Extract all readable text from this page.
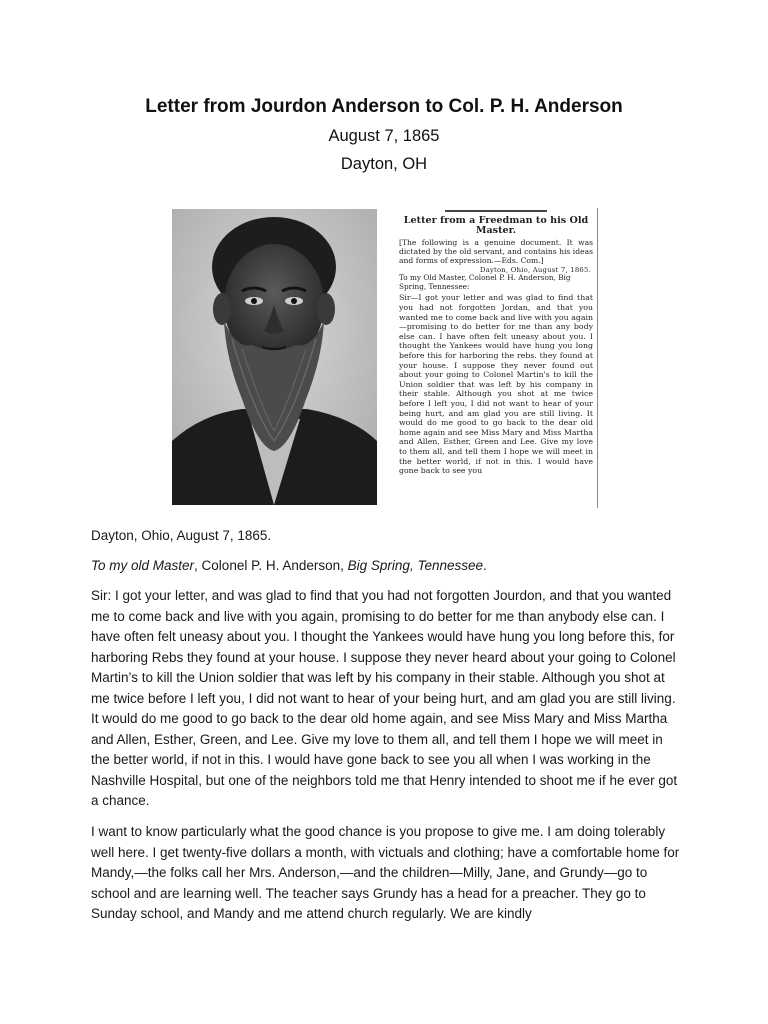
Letter from Jourdon Anderson to Col. P. H. Anderson
August 7, 1865
Dayton, OH
Letter from a Freedman to his Old Master.
[The following is a genuine document. It was dictated by the old servant, and contains his ideas and forms of expression.—Eds. Com.]
Dayton, Ohio, August 7, 1865.
To my Old Master, Colonel P. H. Anderson, Big Spring, Tennessee:
Sir—I got your letter and was glad to find that you had not forgotten Jordan, and that you wanted me to come back and live with you again—promising to do better for me than any body else can. I have often felt uneasy about you. I thought the Yankees would have hung you long before this for harboring the rebs. they found at your house. I suppose they never found out about your going to Colonel Martin's to kill the Union soldier that was left by his company in their stable. Although you shot at me twice before I left you, I did not want to hear of your being hurt, and am glad you are still living. It would do me good to go back to the dear old home again and see Miss Mary and Miss Martha and Allen, Esther, Green and Lee. Give my love to them all, and tell them I hope we will meet in the better world, if not in this. I would have gone back to see you
Dayton, Ohio, August 7, 1865.
To my old Master, Colonel P. H. Anderson, Big Spring, Tennessee.
Sir: I got your letter, and was glad to find that you had not forgotten Jourdon, and that you wanted me to come back and live with you again, promising to do better for me than anybody else can. I have often felt uneasy about you. I thought the Yankees would have hung you long before this, for harboring Rebs they found at your house. I suppose they never heard about your going to Colonel Martin’s to kill the Union soldier that was left by his company in their stable. Although you shot at me twice before I left you, I did not want to hear of your being hurt, and am glad you are still living. It would do me good to go back to the dear old home again, and see Miss Mary and Miss Martha and Allen, Esther, Green, and Lee. Give my love to them all, and tell them I hope we will meet in the better world, if not in this. I would have gone back to see you all when I was working in the Nashville Hospital, but one of the neighbors told me that Henry intended to shoot me if he ever got a chance.
I want to know particularly what the good chance is you propose to give me. I am doing tolerably well here. I get twenty-five dollars a month, with victuals and clothing; have a comfortable home for Mandy,—the folks call her Mrs. Anderson,—and the children—Milly, Jane, and Grundy—go to school and are learning well. The teacher says Grundy has a head for a preacher. They go to Sunday school, and Mandy and me attend church regularly. We are kindly
